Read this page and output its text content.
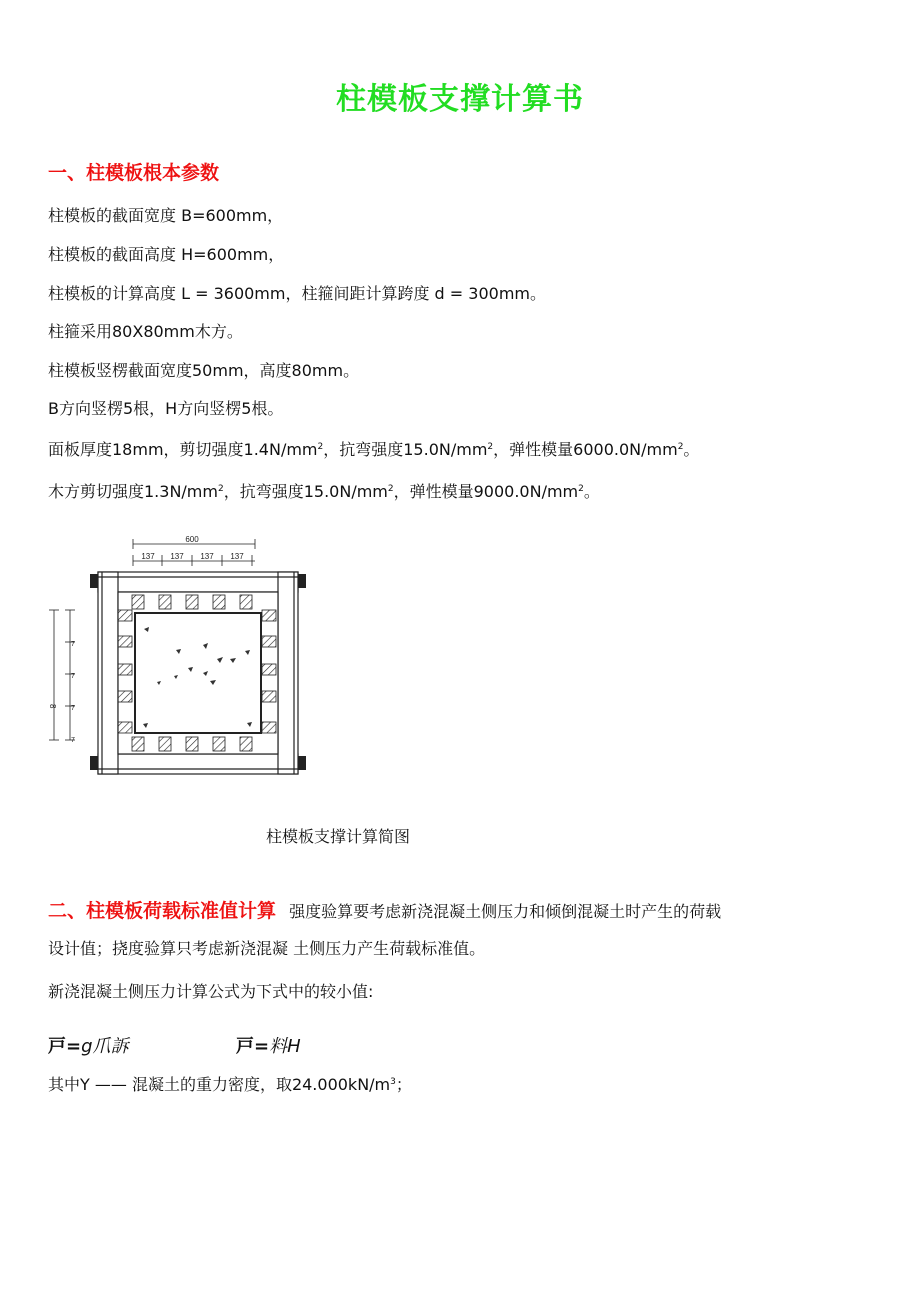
柱模板支撑计算书
一、柱模板根本参数
柱模板的截面宽度 B=600mm，
柱模板的截面高度 H=600mm，
柱模板的计算高度 L = 3600mm，柱箍间距计算跨度 d = 300mm。
柱箍采用80X80mm木方。
柱模板竖楞截面宽度50mm，高度80mm。
B方向竖楞5根，H方向竖楞5根。
面板厚度18mm，剪切强度$1.4N/mm^2$，抗弯强度$15.0N/mm^2$，弹性模量$6000.0N/mm^2$。
木方剪切强度$1.3N/mm^2$，抗弯强度$15.0N/mm^2$，弹性模量$9000.0N/mm^2$。
600
137 137 137 137
7
7
7
7
8
柱模板支撑计算简图
二、柱模板荷载标准值计算 强度验算要考虑新浇混凝土侧压力和倾倒混凝土时产生的荷载
设计值；挠度验算只考虑新浇混凝 土侧压力产生荷载标准值。
新浇混凝土侧压力计算公式为下式中的较小值:
戸=g爪訴	戸=料H
其中Y —— 混凝土的重力密度，取$24.000kN/m^3$；
